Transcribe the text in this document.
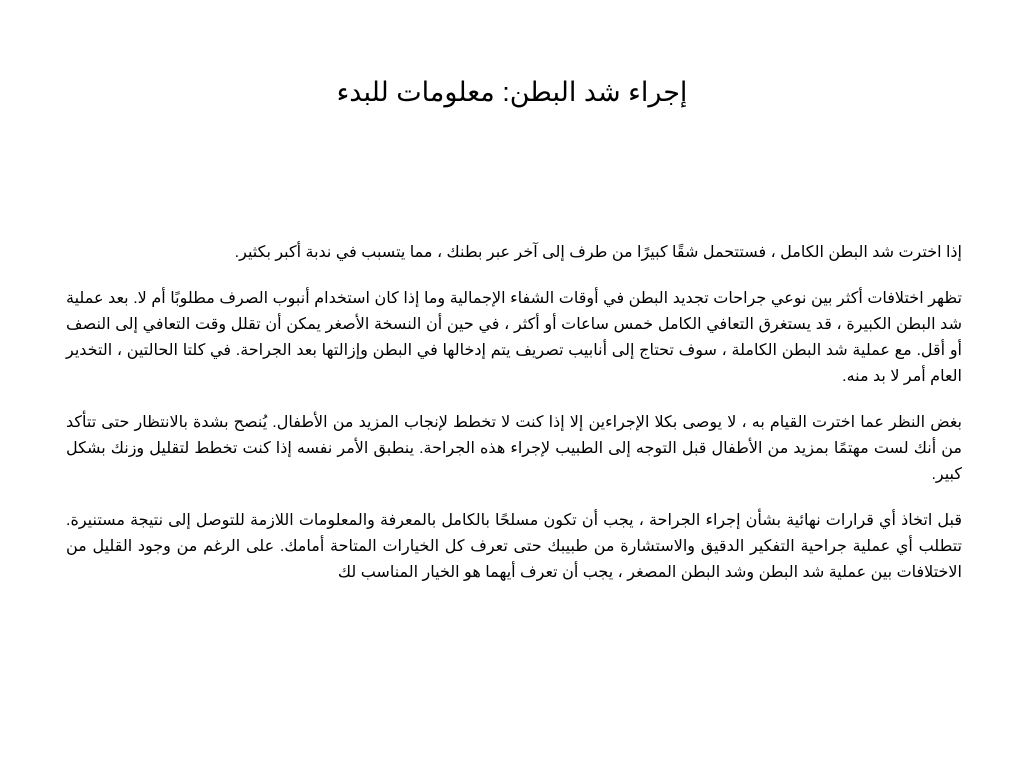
إجراء شد البطن: معلومات للبدء

إذا اخترت شد البطن الكامل ، فستتحمل شقًا كبيرًا من طرف إلى آخر عبر بطنك ، مما يتسبب في ندبة أكبر بكثير.

تظهر اختلافات أكثر بين نوعي جراحات تجديد البطن في أوقات الشفاء الإجمالية وما إذا كان استخدام أنبوب الصرف مطلوبًا أم لا. بعد عملية شد البطن الكبيرة ، قد يستغرق التعافي الكامل خمس ساعات أو أكثر ، في حين أن النسخة الأصغر يمكن أن تقلل وقت التعافي إلى النصف أو أقل. مع عملية شد البطن الكاملة ، سوف تحتاج إلى أنابيب تصريف يتم إدخالها في البطن وإزالتها بعد الجراحة. في كلتا الحالتين ، التخدير العام أمر لا بد منه.

بغض النظر عما اخترت القيام به ، لا يوصى بكلا الإجراءين إلا إذا كنت لا تخطط لإنجاب المزيد من الأطفال. يُنصح بشدة بالانتظار حتى تتأكد من أنك لست مهتمًا بمزيد من الأطفال قبل التوجه إلى الطبيب لإجراء هذه الجراحة. ينطبق الأمر نفسه إذا كنت تخطط لتقليل وزنك بشكل كبير.

قبل اتخاذ أي قرارات نهائية بشأن إجراء الجراحة ، يجب أن تكون مسلحًا بالكامل بالمعرفة والمعلومات اللازمة للتوصل إلى نتيجة مستنيرة. تتطلب أي عملية جراحية التفكير الدقيق والاستشارة من طبيبك حتى تعرف كل الخيارات المتاحة أمامك. على الرغم من وجود القليل من الاختلافات بين عملية شد البطن وشد البطن المصغر ، يجب أن تعرف أيهما هو الخيار المناسب لك
